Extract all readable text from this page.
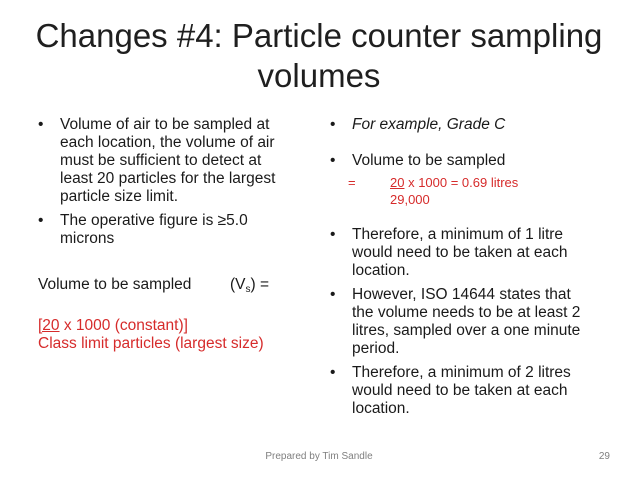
Changes #4: Particle counter sampling
volumes
• Volume of air to be sampled at
each location, the volume of air
must be sufficient to detect at
least 20 particles for the largest
particle size limit.
• The operative figure is ≥5.0
microns
Volume to be sampled $(V_s)$ =
[20 x 1000 (constant)]
Class limit particles (largest size)
• For example, Grade C
• Volume to be sampled
=	20 x 1000 = 0.69 litres
29,000
• Therefore, a minimum of 1 litre
would need to be taken at each
location.
• However, ISO 14644 states that
the volume needs to be at least 2
litres, sampled over a one minute
period.
• Therefore, a minimum of 2 litres
would need to be taken at each
location.
Prepared by Tim Sandle	29
